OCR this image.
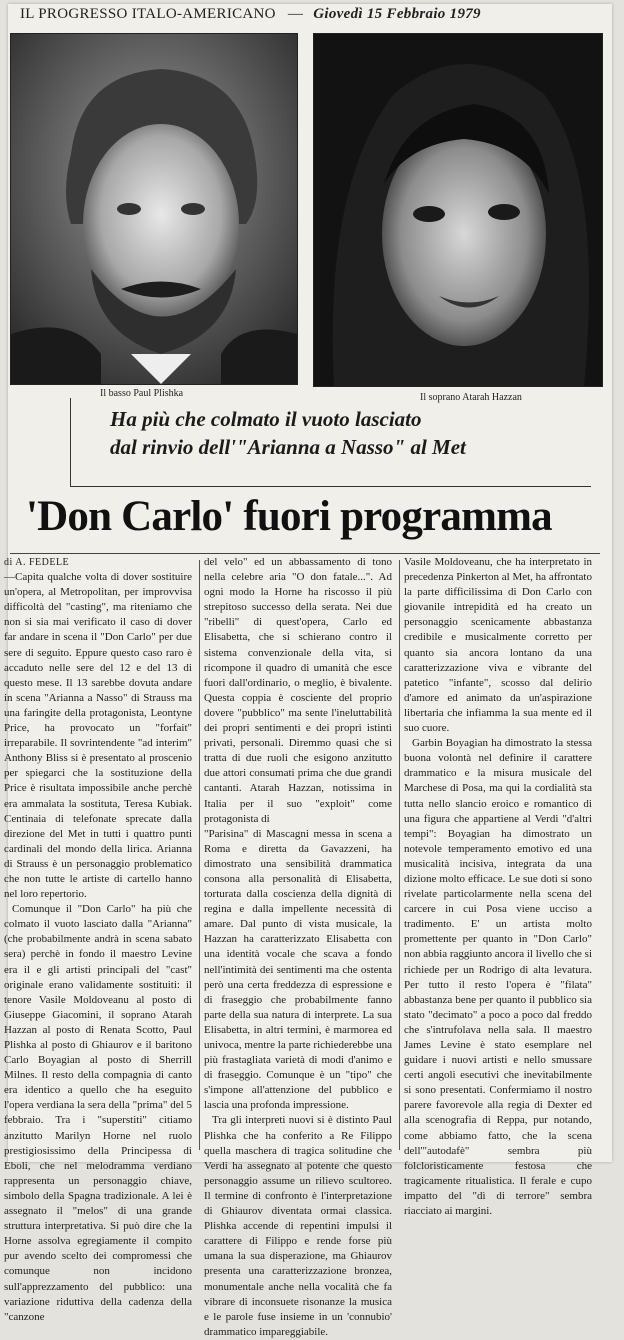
IL PROGRESSO ITALO-AMERICANO — Giovedì 15 Febbraio 1979
Il basso Paul Plishka	Il soprano Atarah Hazzan
Ha più che colmato il vuoto lasciato
dal rinvio dell'"Arianna a Nasso" al Met
'Don Carlo' fuori programma
di A. FEDELE

—Capita qualche volta di dover sostituire un'opera, al Metropolitan, per improvvisa difficoltà del "casting", ma riteniamo che non si sia mai verificato il caso di dover far andare in scena il "Don Carlo" per due sere di seguito. Eppure questo caso raro è accaduto nelle sere del 12 e del 13 di questo mese. Il 13 sarebbe dovuta andare in scena "Arianna a Nasso" di Strauss ma una faringite della protagonista, Leontyne Price, ha provocato un "forfait" irreparabile. Il sovrintendente "ad interim" Anthony Bliss si è presentato al proscenio per spiegarci che la sostituzione della Price è risultata impossibile anche perchè era ammalata la sostituta, Teresa Kubiak. Centinaia di telefonate sprecate dalla direzione del Met in tutti i quattro punti cardinali del mondo della lirica. Arianna di Strauss è un personaggio problematico che non tutte le artiste di cartello hanno nel loro repertorio.

Comunque il "Don Carlo" ha più che colmato il vuoto lasciato dalla "Arianna" (che probabilmente andrà in scena sabato sera) perchè in fondo il maestro Levine era il e gli artisti principali del "cast" originale erano validamente sostituiti: il tenore Vasile Moldoveanu al posto di Giuseppe Giacomini, il soprano Atarah Hazzan al posto di Renata Scotto, Paul Plishka al posto di Ghiaurov e il baritono Carlo Boyagian al posto di Sherrill Milnes. Il resto della compagnia di canto era identico a quello che ha eseguito l'opera verdiana la sera della "prima" del 5 febbraio. Tra i "superstiti" citiamo anzitutto Marilyn Horne nel ruolo prestigiosissimo della Principessa di Eboli, che nel melodramma verdiano rappresenta un personaggio chiave, simbolo della Spagna tradizionale. A lei è assegnato il "melos" di una grande struttura interpretativa. Si può dire che la Horne assolva egregiamente il compito pur avendo scelto dei compromessi che comunque non incidono sull'apprezzamento del pubblico: una variazione riduttiva della cadenza della "canzone

del velo" ed un abbassamento di tono nella celebre aria "O don fatale...". Ad ogni modo la Horne ha riscosso il più strepitoso successo della serata. Nei due "ribelli" di quest'opera, Carlo ed Elisabetta, che si schierano contro il sistema convenzionale della vita, si ricompone il quadro di umanità che esce fuori dall'ordinario, o meglio, è bivalente. Questa coppia è cosciente del proprio dovere "pubblico" ma sente l'ineluttabilità dei propri sentimenti e dei propri istinti privati, personali. Diremmo quasi che si tratta di due ruoli che esigono anzitutto due attori consumati prima che due grandi cantanti. Atarah Hazzan, notissima in Italia per il suo "exploit" come protagonista di

"Parisina" di Mascagni messa in scena a Roma e diretta da Gavazzeni, ha dimostrato una sensibilità drammatica consona alla personalità di Elisabetta, torturata dalla coscienza della dignità di regina e dalla impellente necessità di amare. Dal punto di vista musicale, la Hazzan ha caratterizzato Elisabetta con una identità vocale che scava a fondo nell'intimità dei sentimenti ma che ostenta però una certa freddezza di espressione e di fraseggio che probabilmente fanno parte della sua natura di interprete. La sua Elisabetta, in altri termini, è marmorea ed univoca, mentre la parte richiederebbe una più frastagliata varietà di modi d'animo e di fraseggio. Comunque è un "tipo" che s'impone all'attenzione del pubblico e lascia una profonda impressione.

Tra gli interpreti nuovi si è distinto Paul Plishka che ha conferito a Re Filippo quella maschera di tragica solitudine che Verdi ha assegnato al potente che questo personaggio assume un rilievo scultoreo. Il termine di confronto è l'interpretazione di Ghiaurov diventata ormai classica. Plishka accende di repentini impulsi il carattere di Filippo e rende forse più umana la sua disperazione, ma Ghiaurov presenta una caratterizzazione bronzea, monumentale anche nella vocalità che fa vibrare di inconsuete risonanze la musica e le parole fuse insieme in un 'connubio' drammatico impareggiabile.

Vasile Moldoveanu, che ha interpretato in precedenza Pinkerton al Met, ha affrontato la parte difficilissima di Don Carlo con giovanile intrepidità ed ha creato un personaggio scenicamente abbastanza credibile e musicalmente corretto per quanto sia ancora lontano da una caratterizzazione viva e vibrante del patetico "infante", scosso dal delirio d'amore ed animato da un'aspirazione libertaria che infiamma la sua mente ed il suo cuore.

Garbin Boyagian ha dimostrato la stessa buona volontà nel definire il carattere drammatico e la misura musicale del Marchese di Posa, ma qui la cordialità sta tutta nello slancio eroico e romantico di una figura che appartiene al Verdi "d'altri tempi": Boyagian ha dimostrato un notevole temperamento emotivo ed una musicalità incisiva, integrata da una dizione molto efficace. Le sue doti si sono rivelate particolarmente nella scena del carcere in cui Posa viene ucciso a tradimento. E' un artista molto promettente per quanto in "Don Carlo" non abbia raggiunto ancora il livello che si richiede per un Rodrigo di alta levatura. Per tutto il resto l'opera è "filata" abbastanza bene per quanto il pubblico sia stato "decimato" a poco a poco dal freddo che s'intrufolava nella sala. Il maestro James Levine è stato esemplare nel guidare i nuovi artisti e nello smussare certi angoli esecutivi che inevitabilmente si sono presentati. Confermiamo il nostro parere favorevole alla regia di Dexter ed alla scenografia di Reppa, pur notando, come abbiamo fatto, che la scena dell'"autodafè" sembra più folcloristicamente festosa che tragicamente ritualistica. Il ferale e cupo impatto del "dì di terrore" sembra riacciato ai margini.
